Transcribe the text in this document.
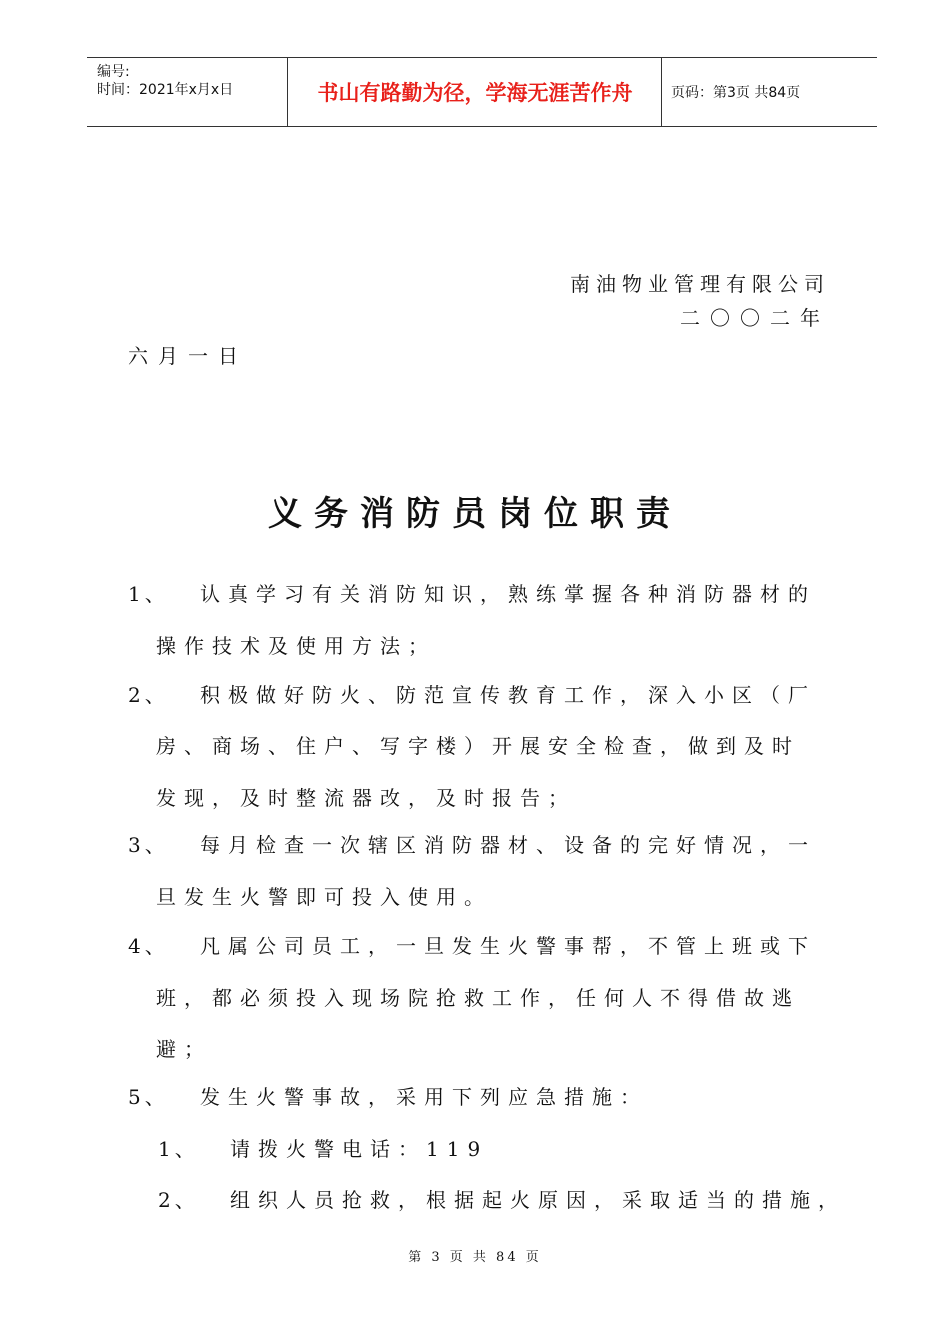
编号:
时间：2021年x月x日	书山有路勤为径，学海无涯苦作舟	页码：第3页 共84页
南油物业管理有限公司
二〇〇二年
六月一日
义务消防员岗位职责
1、 认真学习有关消防知识，熟练掌握各种消防器材的
操作技术及使用方法；
2、 积极做好防火、防范宣传教育工作，深入小区（厂
房、商场、住户、写字楼）开展安全检查，做到及时
发现，及时整流器改，及时报告；
3、 每月检查一次辖区消防器材、设备的完好情况，一
旦发生火警即可投入使用。
4、 凡属公司员工，一旦发生火警事帮，不管上班或下
班，都必须投入现场院抢救工作，任何人不得借故逃
避；
5、 发生火警事故，采用下列应急措施：
1、 请拨火警电话：119
2、 组织人员抢救，根据起火原因，采取适当的措施，
第 3 页 共 84 页
